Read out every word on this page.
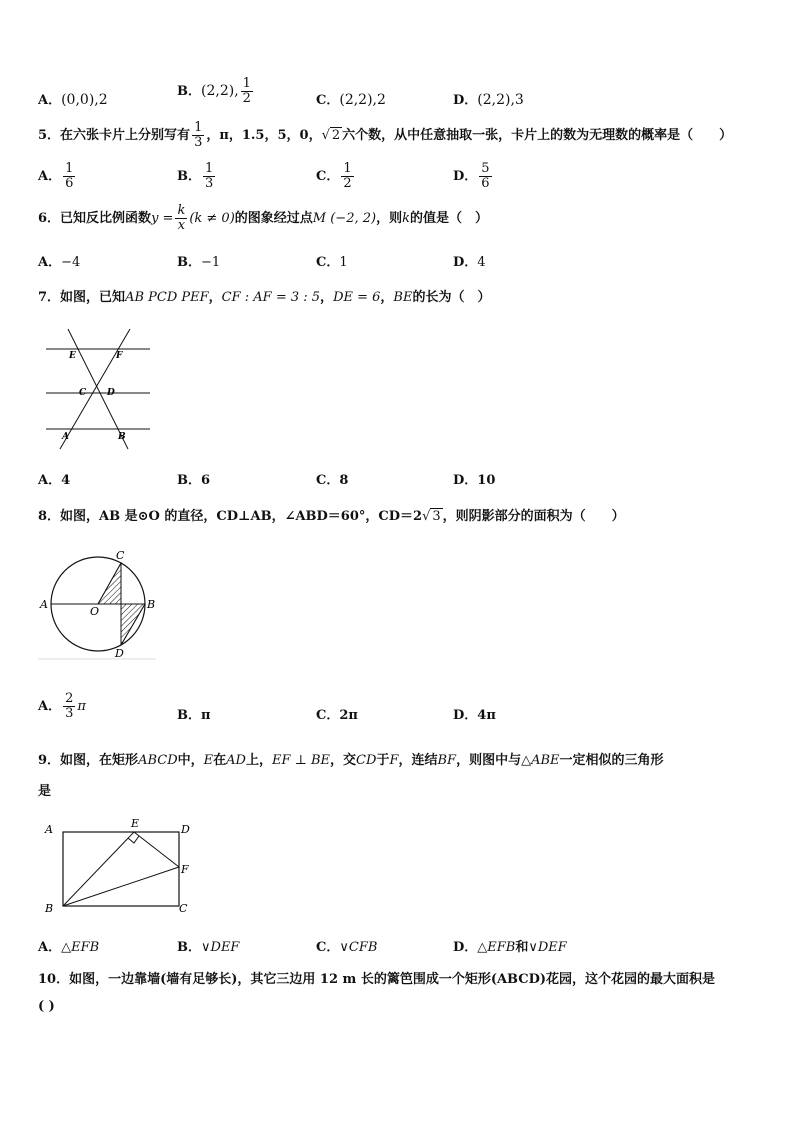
A．(0,0),2
B．(2,2), $\frac{1}{2}$	C．(2,2),2	D．(2,2),3
5．在六张卡片上分别写有 $\frac{1}{3}$ ，π，1.5，5，0，√ 2 六个数，从中任意抽取一张，卡片上的数为无理数的概率是（　　）
A． $\frac{1}{6}$	B． $\frac{1}{3}$	C． $\frac{1}{2}$	D． $\frac{5}{6}$
6．已知反比例函数$y = \frac{k}{x} (k \ne 0)$的图象经过点M (−2, 2)，则k的值是（　）
A．−4	B．−1	C．1	D．4
7．如图，已知AB PCD PEF，CF : AF = 3 : 5，DE = 6，BE的长为（　）
E	F
C D
A	B
A．4	B．6	C．8	D．10
8．如图，AB 是⊙O 的直径，CD⊥AB，∠ABD＝60°，CD＝2√ 3 ，则阴影部分的面积为（　　）
A	B
C
D
O
A． $\frac{2}{3}$ π
B．π	C．2π	D．4π
9．如图，在矩形ABCD中，E在AD上，EF ⊥ BE，交CD于F，连结BF，则图中与△ABE一定相似的三角形
是
A	E	D
F
B	C
A．△EFB	B．∨DEF	C．∨CFB	D．△EFB和∨DEF
10．如图，一边靠墙(墙有足够长)，其它三边用 12 m 长的篱笆围成一个矩形(ABCD)花园，这个花园的最大面积是
( )
